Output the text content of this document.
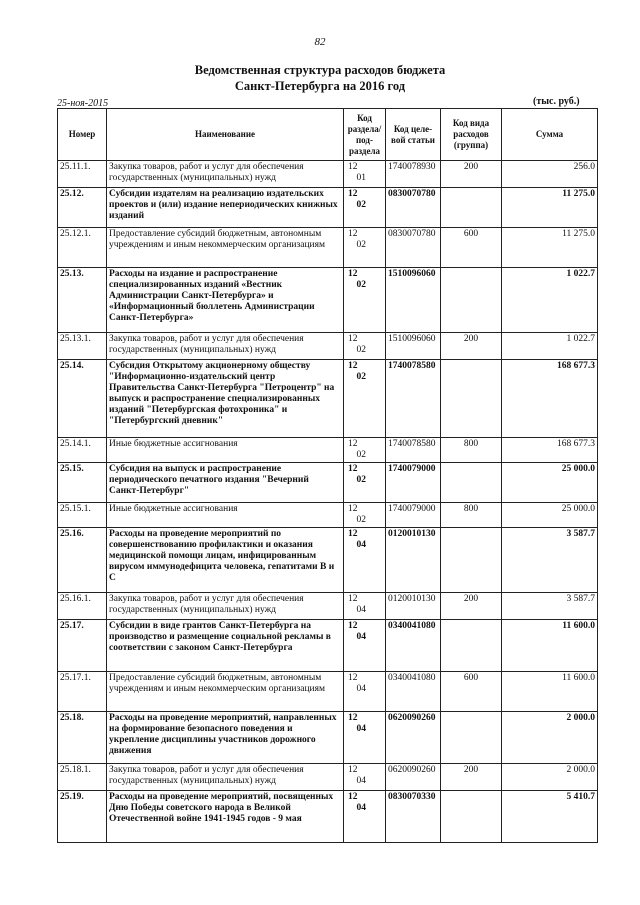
82
Ведомственная структура расходов бюджета
Санкт-Петербурга на 2016 год
25-ноя-2015	(тыс. руб.)
Номер	Наименование	Код раздела/ под- раздела	Код целе- вой статьи	Код вида расходов (группа)	Сумма
25.11.1.	Закупка товаров, работ и услуг для обеспечения государственных (муниципальных) нужд	1201	1740078930	200	256.0
25.12.	Субсидии издателям на реализацию издательских проектов и (или) издание непериодических книжных изданий	1202	0830070780		11 275.0
25.12.1.	Предоставление субсидий бюджетным, автономным учреждениям и иным некоммерческим организациям	1202	0830070780	600	11 275.0
25.13.	Расходы на издание и распространение специализированных изданий «Вестник Администрации Санкт-Петербурга» и «Информационный бюллетень Администрации Санкт-Петербурга»	1202	1510096060		1 022.7
25.13.1.	Закупка товаров, работ и услуг для обеспечения государственных (муниципальных) нужд	1202	1510096060	200	1 022.7
25.14.	Субсидия Открытому акционерному обществу "Информационно-издательский центр Правительства Санкт-Петербурга "Петроцентр" на выпуск и распространение специализированных изданий "Петербургская фотохроника" и "Петербургский дневник"	1202	1740078580		168 677.3
25.14.1.	Иные бюджетные ассигнования	1202	1740078580	800	168 677.3
25.15.	Субсидия на выпуск и распространение периодического печатного издания "Вечерний Санкт-Петербург"	1202	1740079000		25 000.0
25.15.1.	Иные бюджетные ассигнования	1202	1740079000	800	25 000.0
25.16.	Расходы на проведение мероприятий по совершенствованию профилактики и оказания медицинской помощи лицам, инфицированным вирусом иммунодефицита человека, гепатитами В и С	1204	0120010130		3 587.7
25.16.1.	Закупка товаров, работ и услуг для обеспечения государственных (муниципальных) нужд	1204	0120010130	200	3 587.7
25.17.	Субсидии в виде грантов Санкт-Петербурга на производство и размещение социальной рекламы в соответствии с законом Санкт-Петербурга	1204	0340041080		11 600.0
25.17.1.	Предоставление субсидий бюджетным, автономным учреждениям и иным некоммерческим организациям	1204	0340041080	600	11 600.0
25.18.	Расходы на проведение мероприятий, направленных на формирование безопасного поведения и укрепление дисциплины участников дорожного движения	1204	0620090260		2 000.0
25.18.1.	Закупка товаров, работ и услуг для обеспечения государственных (муниципальных) нужд	1204	0620090260	200	2 000.0
25.19.	Расходы на проведение мероприятий, посвященных Дню Победы советского народа в Великой Отечественной войне 1941-1945 годов - 9 мая	1204	0830070330		5 410.7
